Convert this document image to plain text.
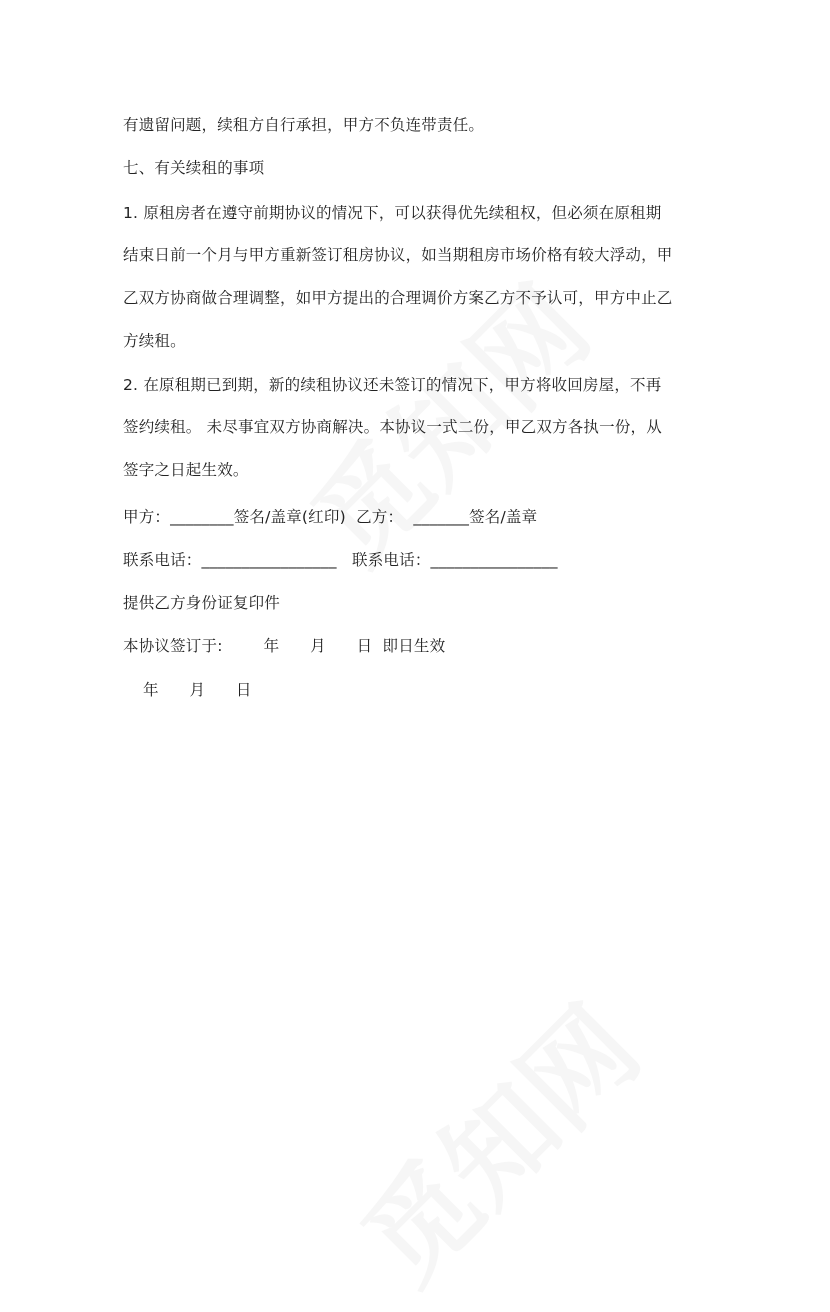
有遗留问题，续租方自行承担，甲方不负连带责任。
七、有关续租的事项
1. 原租房者在遵守前期协议的情况下，可以获得优先续租权，但必须在原租期
结束日前一个月与甲方重新签订租房协议，如当期租房市场价格有较大浮动，甲
乙双方协商做合理调整，如甲方提出的合理调价方案乙方不予认可，甲方中止乙
方续租。
2. 在原租期已到期，新的续租协议还未签订的情况下，甲方将收回房屋，不再
签约续租。 未尽事宜双方协商解决。本协议一式二份，甲乙双方各执一份，从
签字之日起生效。
甲方：________签名/盖章(红印)  乙方：  _______签名/盖章
联系电话：_________________   联系电话：________________
提供乙方身份证复印件
本协议签订于:        年      月      日  即日生效
年      月      日
